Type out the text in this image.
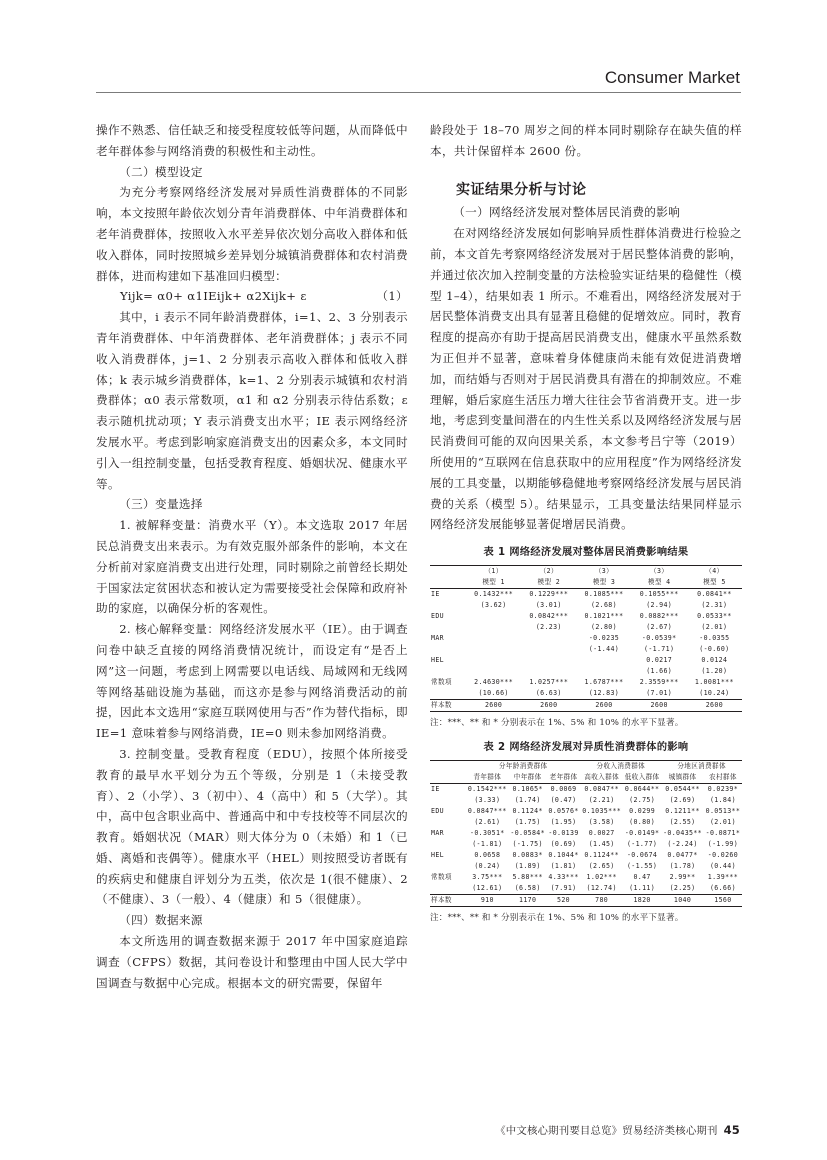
Consumer Market

操作不熟悉、信任缺乏和接受程度较低等问题，从而降低中老年群体参与网络消费的积极性和主动性。

（二）模型设定

为充分考察网络经济发展对异质性消费群体的不同影响，本文按照年龄依次划分青年消费群体、中年消费群体和老年消费群体，按照收入水平差异依次划分高收入群体和低收入群体，同时按照城乡差异划分城镇消费群体和农村消费群体，进而构建如下基准回归模型：

Yijk= α0+ α1IEijk+ α2Xijk+ ε	（1）

其中，i 表示不同年龄消费群体，i=1、2、3 分别表示青年消费群体、中年消费群体、老年消费群体；j 表示不同收入消费群体，j=1、2 分别表示高收入群体和低收入群体；k 表示城乡消费群体，k=1、2 分别表示城镇和农村消费群体；α0 表示常数项，α1 和 α2 分别表示待估系数；ε 表示随机扰动项；Y 表示消费支出水平；IE 表示网络经济发展水平。考虑到影响家庭消费支出的因素众多，本文同时引入一组控制变量，包括受教育程度、婚姻状况、健康水平等。

（三）变量选择

1. 被解释变量：消费水平（Y）。本文选取 2017 年居民总消费支出来表示。为有效克服外部条件的影响，本文在分析前对家庭消费支出进行处理，同时剔除之前曾经长期处于国家法定贫困状态和被认定为需要接受社会保障和政府补助的家庭，以确保分析的客观性。

2. 核心解释变量：网络经济发展水平（IE）。由于调查问卷中缺乏直接的网络消费情况统计，而设定有“是否上网”这一问题，考虑到上网需要以电话线、局域网和无线网等网络基础设施为基础，而这亦是参与网络消费活动的前提，因此本文选用“家庭互联网使用与否”作为替代指标，即 IE=1 意味着参与网络消费，IE=0 则未参加网络消费。

3. 控制变量。受教育程度（EDU），按照个体所接受教育的最早水平划分为五个等级，分别是 1（未接受教育）、2（小学）、3（初中）、4（高中）和 5（大学）。其中，高中包含职业高中、普通高中和中专技校等不同层次的教育。婚姻状况（MAR）则大体分为 0（未婚）和 1（已婚、离婚和丧偶等）。健康水平（HEL）则按照受访者既有的疾病史和健康自评划分为五类，依次是 1(很不健康）、2（不健康）、3（一般）、4（健康）和 5（很健康）。

（四）数据来源

本文所选用的调查数据来源于 2017 年中国家庭追踪调查（CFPS）数据，其问卷设计和整理由中国人民大学中国调查与数据中心完成。根据本文的研究需要，保留年

龄段处于 18–70 周岁之间的样本同时剔除存在缺失值的样本，共计保留样本 2600 份。

实证结果分析与讨论

（一）网络经济发展对整体居民消费的影响

在对网络经济发展如何影响异质性群体消费进行检验之前，本文首先考察网络经济发展对于居民整体消费的影响，并通过依次加入控制变量的方法检验实证结果的稳健性（模型 1–4），结果如表 1 所示。不难看出，网络经济发展对于居民整体消费支出具有显著且稳健的促增效应。同时，教育程度的提高亦有助于提高居民消费支出，健康水平虽然系数为正但并不显著，意味着身体健康尚未能有效促进消费增加，而结婚与否则对于居民消费具有潜在的抑制效应。不难理解，婚后家庭生活压力增大往往会节省消费开支。进一步地，考虑到变量间潜在的内生性关系以及网络经济发展与居民消费间可能的双向因果关系，本文参考吕宁等（2019）所使用的“互联网在信息获取中的应用程度”作为网络经济发展的工具变量，以期能够稳健地考察网络经济发展与居民消费的关系（模型 5）。结果显示，工具变量法结果同样显示网络经济发展能够显著促增居民消费。

表 1 网络经济发展对整体居民消费影响结果
	（1）	（2）	（3）	（3）	（4）
	模型 1	模型 2	模型 3	模型 4	模型 5
IE	0.1432***	0.1229***	0.1085***	0.1055***	0.0841**
	(3.62)	(3.01)	(2.68)	(2.94)	(2.31)
EDU		0.0842***	0.1021***	0.0882***	0.0533**
		(2.23)	(2.80)	(2.67)	(2.01)
MAR			-0.0235	-0.0539*	-0.0355
			(-1.44)	(-1.71)	(-0.60)
HEL				0.0217	0.0124
				(1.66)	(1.20)
常数项	2.4630***	1.0257***	1.6787***	2.3559***	1.0081***
	(10.66)	(6.63)	(12.83)	(7.01)	(10.24)
样本数	2600	2600	2600	2600	2600
注：***、** 和 * 分别表示在 1%、5% 和 10% 的水平下显著。
表 2 网络经济发展对异质性消费群体的影响
	分年龄消费群体			分收入消费群体		分地区消费群体	
	青年群体	中年群体	老年群体	高收入群体	低收入群体	城镇群体	农村群体
IE	0.1542***	0.1065*	0.0069	0.0847**	0.0644**	0.0544**	0.0239*
	(3.33)	(1.74)	(0.47)	(2.21)	(2.75)	(2.69)	(1.84)
EDU	0.0847***	0.1124*	0.0576*	0.1035***	0.0299	0.1211**	0.0513**
	(2.61)	(1.75)	(1.95)	(3.58)	(0.80)	(2.55)	(2.01)
MAR	-0.3051*	-0.0584*	-0.0139	0.0027	-0.0149*	-0.0435**	-0.0871*
	(-1.81)	(-1.75)	(0.69)	(1.45)	(-1.77)	(-2.24)	(-1.99)
HEL	0.0658	0.0883*	0.1044*	0.1124**	-0.0674	0.0477*	-0.0260
	(0.24)	(1.89)	(1.81)	(2.65)	(-1.55)	(1.78)	(0.44)
常数项	3.75***	5.88***	4.33***	1.02***	0.47	2.99**	1.39***
	(12.61)	(6.58)	(7.91)	(12.74)	(1.11)	(2.25)	(6.66)
样本数	910	1170	520	780	1820	1040	1560
注：***、** 和 * 分别表示在 1%、5% 和 10% 的水平下显著。
《中文核心期刊要目总览》贸易经济类核心期刊 45
